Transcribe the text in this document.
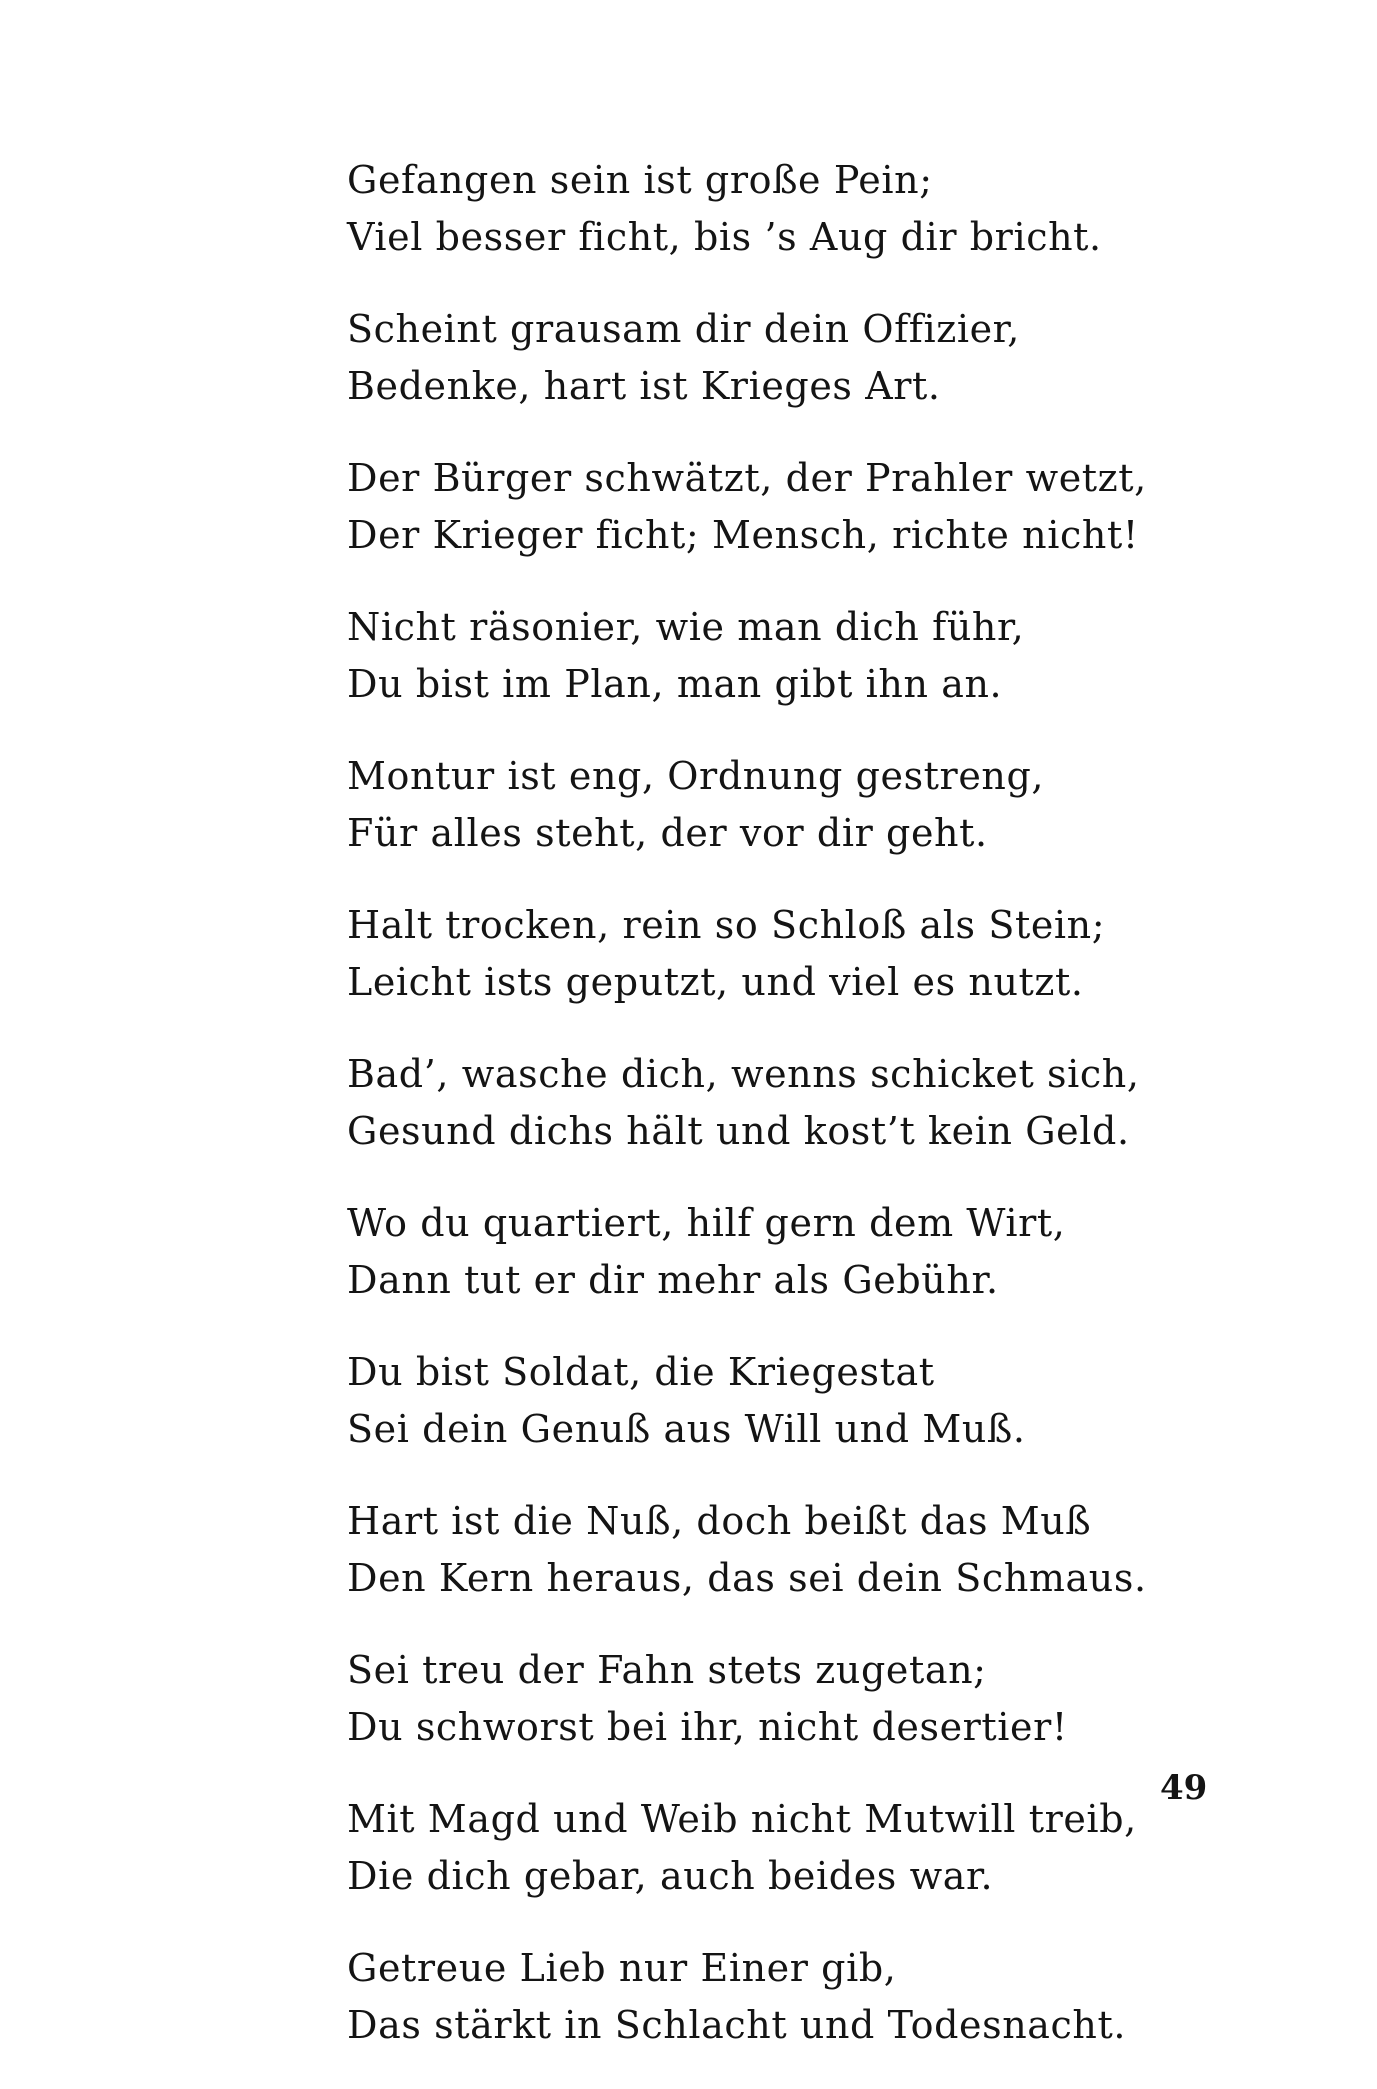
Gefangen sein ist große Pein;
Viel besser ficht, bis ’s Aug dir bricht.
Scheint grausam dir dein Offizier,
Bedenke, hart ist Krieges Art.
Der Bürger schwätzt, der Prahler wetzt,
Der Krieger ficht; Mensch, richte nicht!
Nicht räsonier, wie man dich führ,
Du bist im Plan, man gibt ihn an.
Montur ist eng, Ordnung gestreng,
Für alles steht, der vor dir geht.
Halt trocken, rein so Schloß als Stein;
Leicht ists geputzt, und viel es nutzt.
Bad’, wasche dich, wenns schicket sich,
Gesund dichs hält und kost’t kein Geld.
Wo du quartiert, hilf gern dem Wirt,
Dann tut er dir mehr als Gebühr.
Du bist Soldat, die Kriegestat
Sei dein Genuß aus Will und Muß.
Hart ist die Nuß, doch beißt das Muß
Den Kern heraus, das sei dein Schmaus.
Sei treu der Fahn stets zugetan;
Du schworst bei ihr, nicht desertier!
Mit Magd und Weib nicht Mutwill treib,
Die dich gebar, auch beides war.
Getreue Lieb nur Einer gib,
Das stärkt in Schlacht und Todesnacht.
49
